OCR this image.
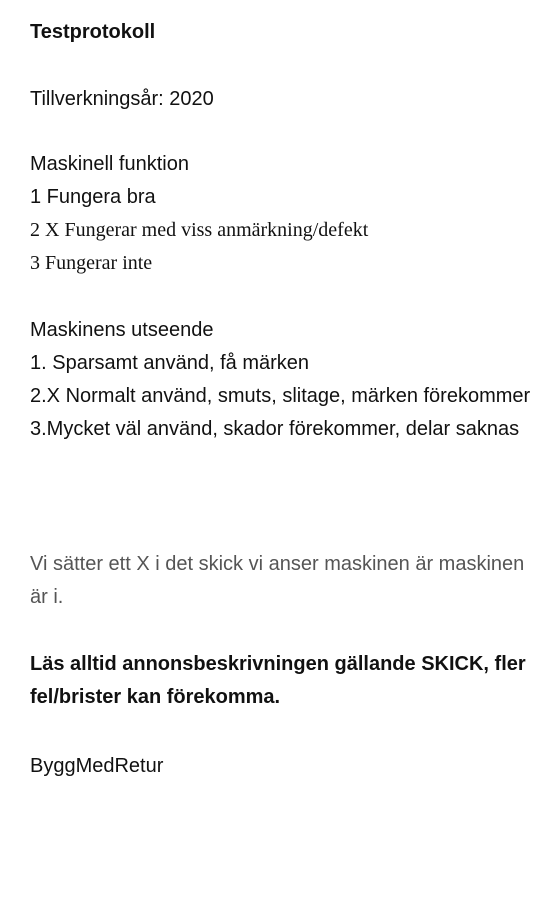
Testprotokoll
Tillverkningsår: 2020
Maskinell funktion
1 Fungera bra
2 X Fungerar med viss anmärkning/defekt
3 Fungerar inte
Maskinens utseende
1. Sparsamt använd, få märken
2.X Normalt använd, smuts, slitage, märken förekommer
3.Mycket väl använd, skador förekommer, delar saknas
Vi sätter ett X i det skick vi anser maskinen är maskinen är i.
Läs alltid annonsbeskrivningen gällande SKICK, fler fel/brister kan förekomma.
ByggMedRetur
